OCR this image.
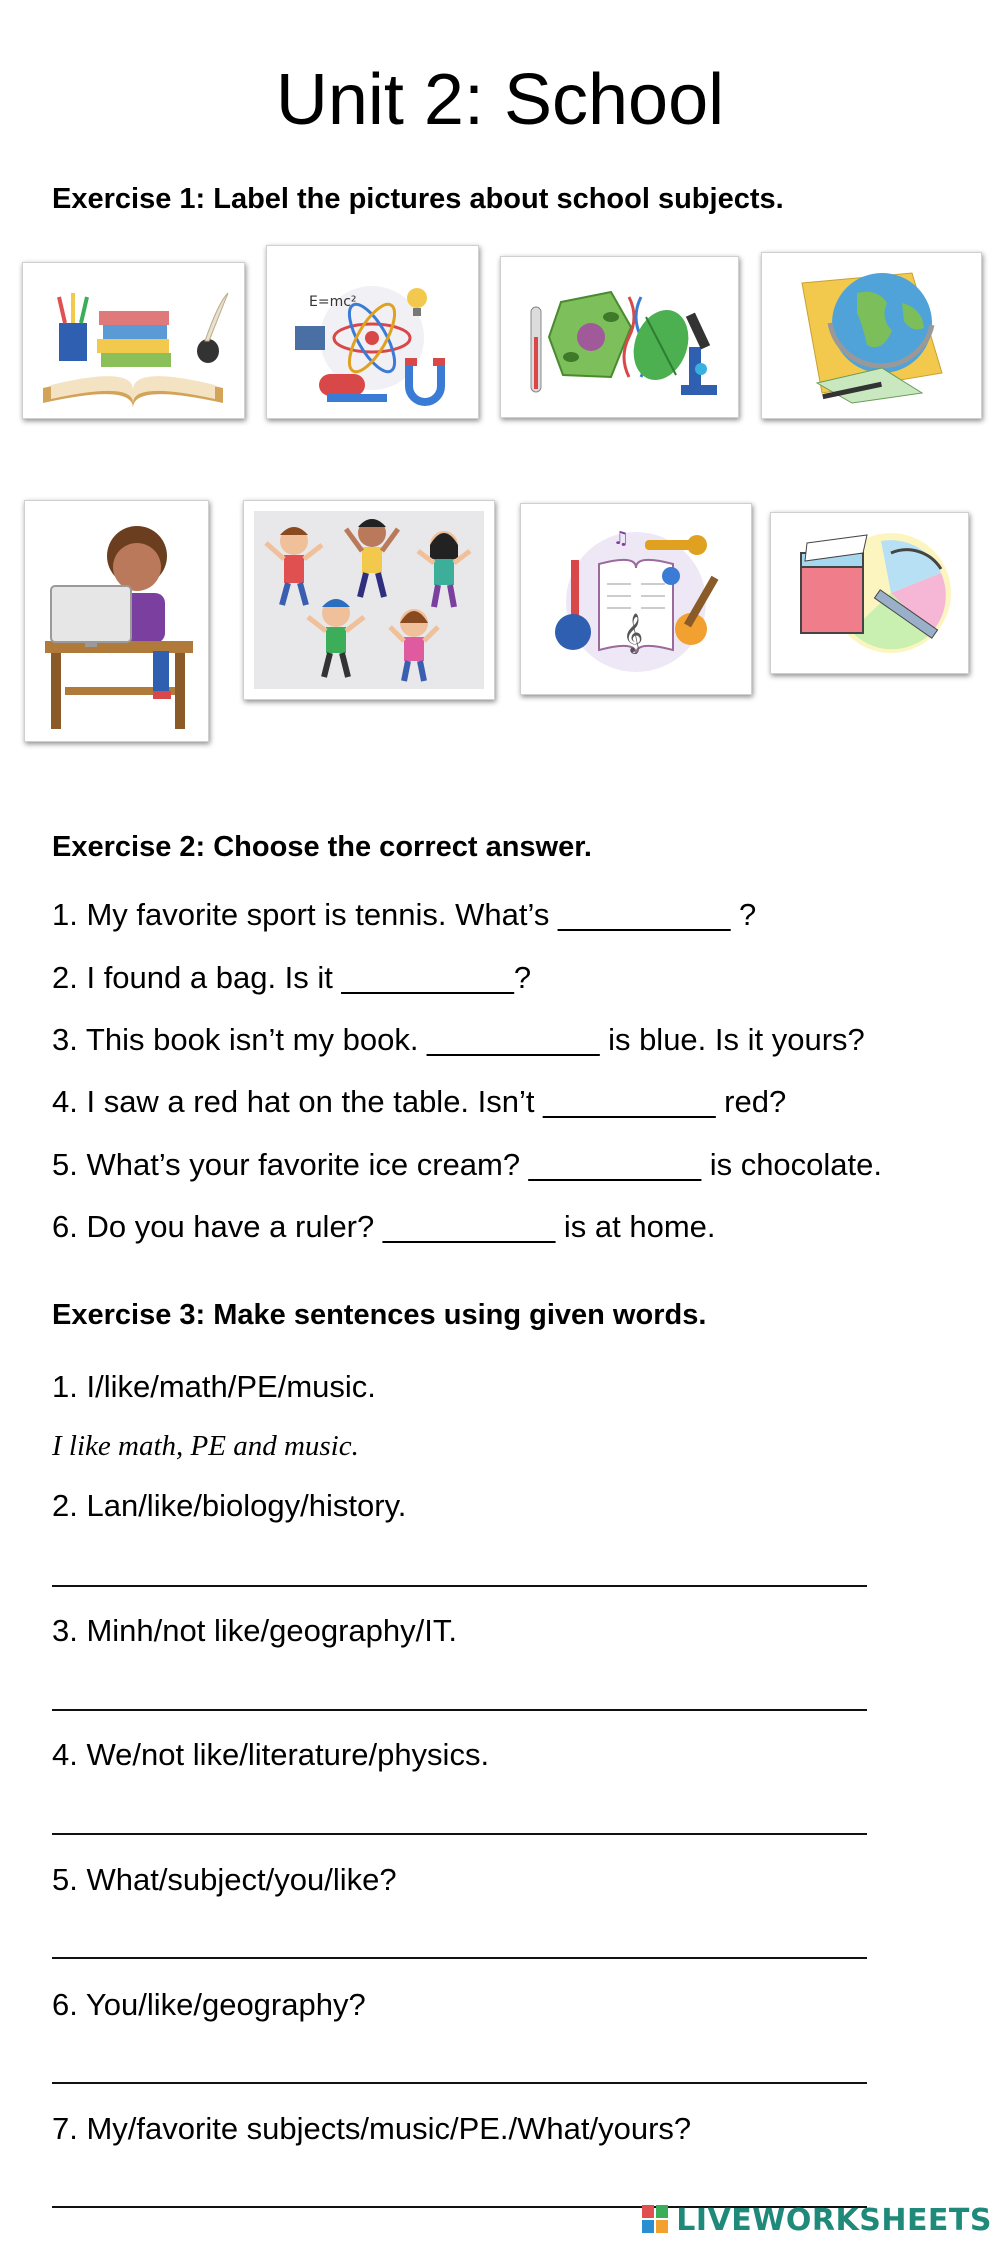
Unit 2: School
Exercise 1: Label the pictures about school subjects.
E=mc²
𝄞
♫
Exercise 2: Choose the correct answer.
1. My favorite sport is tennis. What’s __________ ?
2. I found a bag. Is it __________?
3. This book isn’t my book. __________ is blue. Is it yours?
4. I saw a red hat on the table. Isn’t __________ red?
5. What’s your favorite ice cream? __________ is chocolate.
6. Do you have a ruler? __________ is at home.
Exercise 3: Make sentences using given words.
1. I/like/math/PE/music.
I like math, PE and music.
2. Lan/like/biology/history.
3. Minh/not like/geography/IT.
4. We/not like/literature/physics.
5. What/subject/you/like?
6. You/like/geography?
7. My/favorite subjects/music/PE./What/yours?
LIVEWORKSHEETS
